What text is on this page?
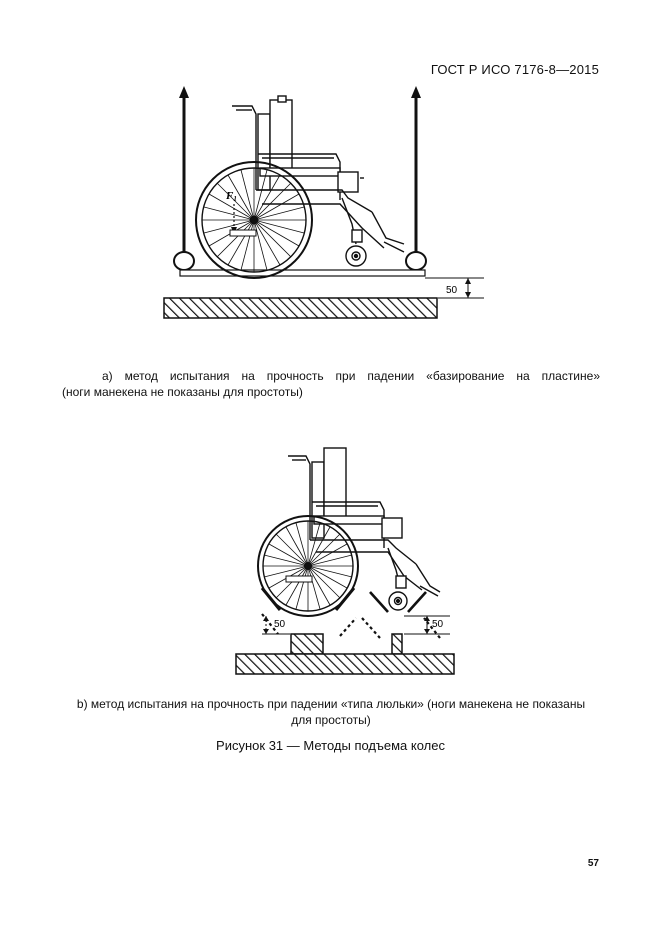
ГОСТ Р ИСО 7176-8—2015
F1
50
а) метод испытания на прочность при падении «базирование на пластине»
(ноги манекена не показаны для простоты)
50	50
b) метод испытания на прочность при падении «типа люльки» (ноги манекена не показаны
для простоты)
Рисунок 31 — Методы подъема колес
57
